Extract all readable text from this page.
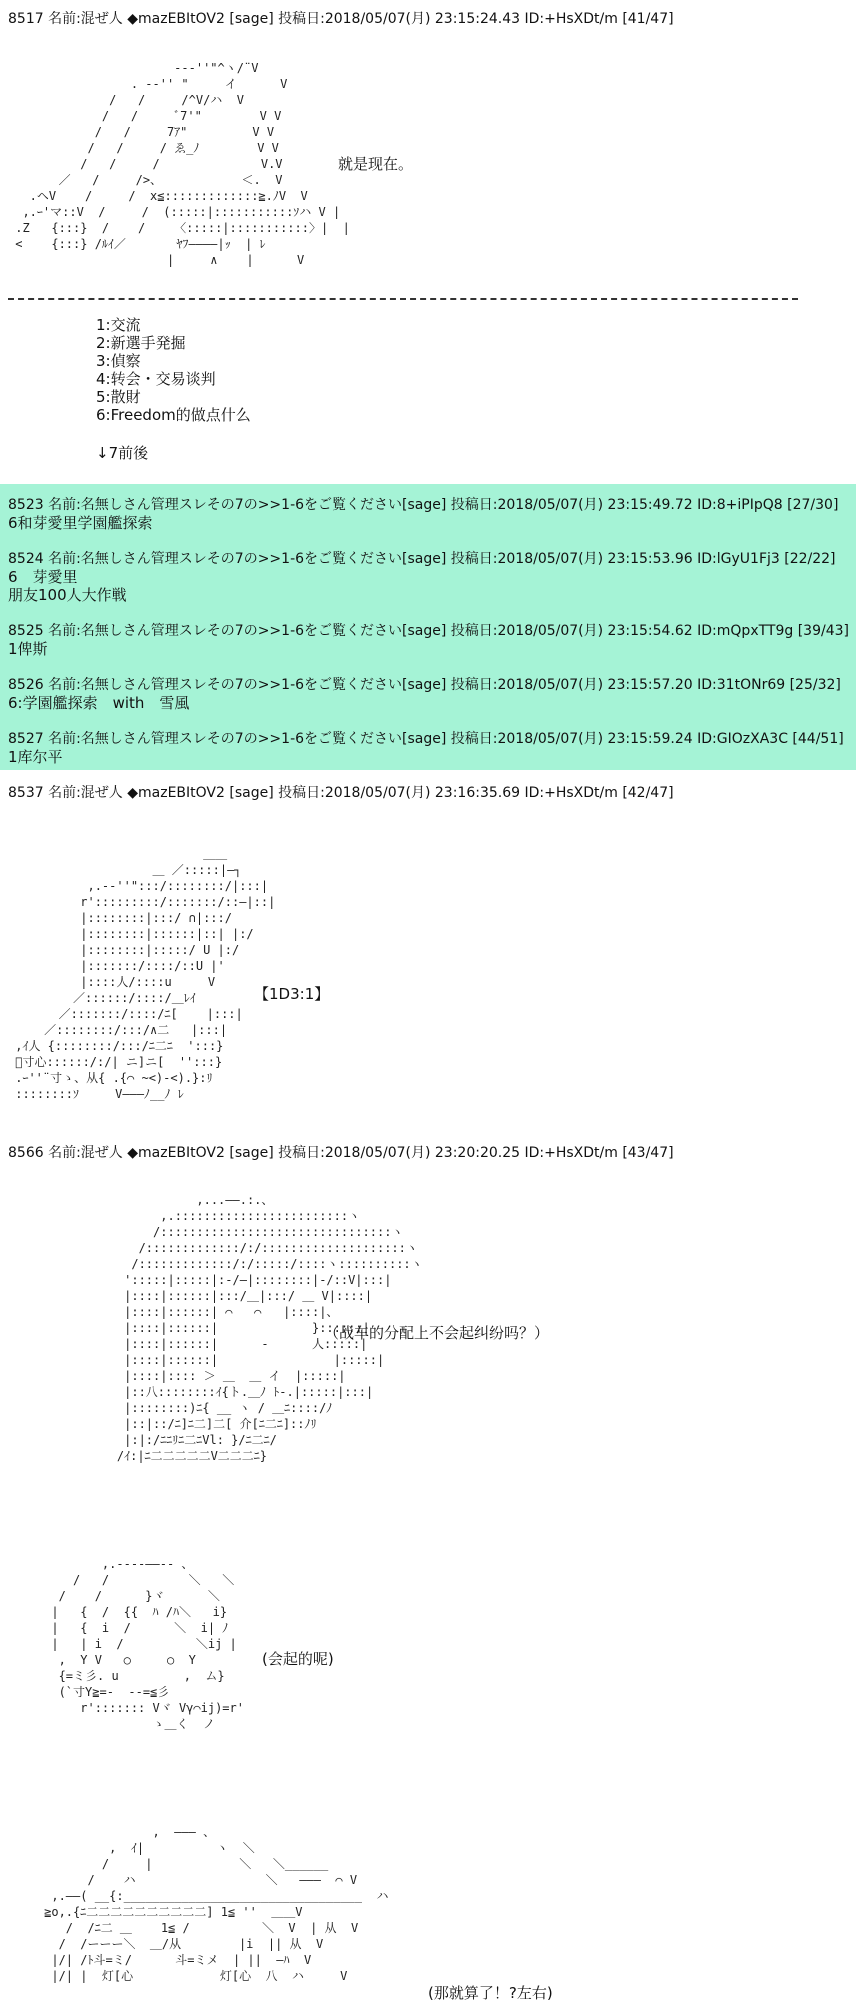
8517 名前:混ぜ人 ◆mazEBItOV2 [sage] 投稿日:2018/05/07(月) 23:15:24.43 ID:+HsXDt/m [41/47]
--‐''"^ヽ/¨V
. -‐'' "     イ      V
/   /     /^V/ハ  V
/   /     ﾞ7'"        V V
/   /     7ｱ"         V V
/   /     / ゑ_ﾉ        V V
/   /     /              V.V
／   /     />、           ＜.  V
.ヘV    /     /  x≦:::::::::::::≧.ﾉV  V
,.ｰ'マ::V  /     /  (:::::|:::::::::::ｿハ V |
.Z   {:::}  /    /    〈:::::|:::::::::::〉|  |
<    {:::} /ﾙｲ／       ﾔﾌ――――|ｯ  | ﾚ
|     ∧    |      V
就是现在。
1:交流
2:新選手発掘
3:偵察
4:转会・交易谈判
5:散財
6:Freedom的做点什么
↓7前後
8523 名前:名無しさん管理スレその7の>>1-6をご覧ください[sage] 投稿日:2018/05/07(月) 23:15:49.72 ID:8+iPIpQ8 [27/30]
6和芽愛里学園艦探索
8524 名前:名無しさん管理スレその7の>>1-6をご覧ください[sage] 投稿日:2018/05/07(月) 23:15:53.96 ID:lGyU1Fj3 [22/22]
6　芽愛里
朋友100人大作戦
8525 名前:名無しさん管理スレその7の>>1-6をご覧ください[sage] 投稿日:2018/05/07(月) 23:15:54.62 ID:mQpxTT9g [39/43]
1俾斯
8526 名前:名無しさん管理スレその7の>>1-6をご覧ください[sage] 投稿日:2018/05/07(月) 23:15:57.20 ID:31tONr69 [25/32]
6:学園艦探索　with　雪風
8527 名前:名無しさん管理スレその7の>>1-6をご覧ください[sage] 投稿日:2018/05/07(月) 23:15:59.24 ID:GIOzXA3C [44/51]
1库尔平
8537 名前:混ぜ人 ◆mazEBItOV2 [sage] 投稿日:2018/05/07(月) 23:16:35.69 ID:+HsXDt/m [42/47]
＿＿
＿ ／:::::|―┐
,.-‐''":::/::::::::/|:::|
r':::::::::/:::::::/::―|::|
|::::::::|:::/ ∩|:::/
|::::::::|::::::|::| |:/
|::::::::|:::::/ U |:/
|:::::::/::::/::U |'
|::::人/::::u     V
／::::::/::::/＿ﾚｲ
／:::::::/::::/ﾆ[    |:::|
／::::::::/:::/∧二   |:::|
,ｲ人 {::::::::/:::/ﾆ二ﾆ  ':::}
ﾞ寸心::::::/:/| ニ]ニ[  '':::}
.ｰ''¨寸ゝ、从{ .{⌒ ~<)-<).}:ﾘ
::::::::ｿ     V―――ﾉ__ﾉ ﾚ
【1D3:1】
8566 名前:混ぜ人 ◆mazEBItOV2 [sage] 投稿日:2018/05/07(月) 23:20:20.25 ID:+HsXDt/m [43/47]
,...――.:.、
,.::::::::::::::::::::::::ヽ
/::::::::::::::::::::::::::::::::ヽ
/:::::::::::::/:/::::::::::::::::::::ヽ
/:::::::::::::/:/:::::/::::ヽ::::::::::ヽ
':::::|:::::|:-/―|::::::::|-/::V|:::|
|::::|::::::|:::/＿|:::/ ＿ V|::::|
|::::|::::::| ⌒   ⌒   |::::|、
|::::|::::::|             }::::::|
|::::|::::::|      -      人:::::|
|::::|::::::|                |:::::|
|::::|:::: ＞ ＿  ＿ イ  |:::::|
|::八::::::::ｲ{ト.＿ﾉ ﾄ-.|:::::|:::|
|::::::::)ﾆ{ __ ヽ / ＿ﾆ::::/ﾉ
|::|::/ﾆ]ﾆ二]二[ 介[ﾆ二ﾆ]::ﾉﾘ
|:|:/ﾆﾆﾘﾆ二ﾆVl: }/ﾆ二ﾆ/
/ｲ:|ﾆ二二二二二V二二二ﾆ}
（战车的分配上不会起纠纷吗？）
,.--‐‐――-- 、
/   /           ＼   ＼
/    /      }ヾ      ＼
|   {  /  {{  ﾊ /ﾊ＼   i}
|   {  i  /      ＼  i| ﾉ
|   | i  /          ＼ij |
,  Y V   ○     ○  Y
{=ミ彡. u         ,  ム}
(`寸Y≧=‐  ‐‐=≦彡
r'::::::: Vヾ Vγ⌒ij)=r'
ゝ＿く  ノ
(会起的呢)
,  ――― 、
,  ｲ|          ヽ  ＼
/     |            ＼   ＼______
/    ハ                  ＼   ―――  ⌒ V
,.――( __{:_________________________________  ハ
≧o,.{ﾆ二二二二二二二二二二] 1≦ ''  ＿＿V
/  /ﾆ二 ＿    1≦ /          ＼  V  | 从  V
/  /ーーー＼  ＿/从        |i  || 从  V
|/| /ﾄ斗=ミ/      斗=ミメ  | ||  ―ﾊ  V
|/| |  灯[心            灯[心  八  ハ     V
(那就算了！?左右)
